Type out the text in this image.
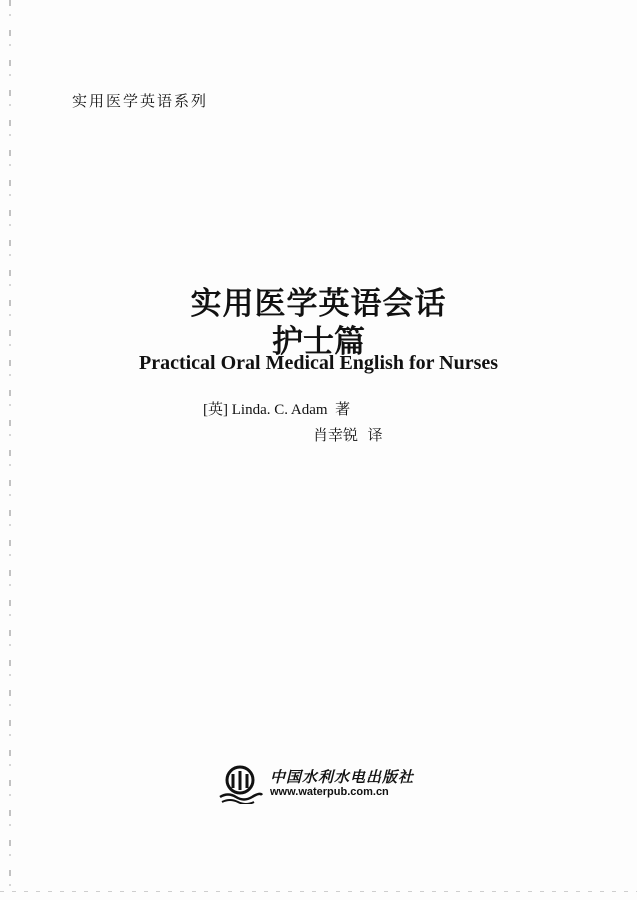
实用医学英语系列
实用医学英语会话
护士篇
Practical Oral Medical English for Nurses
[英] Linda. C. Adam 著
肖幸锐 译
中国水利水电出版社
www.waterpub.com.cn
